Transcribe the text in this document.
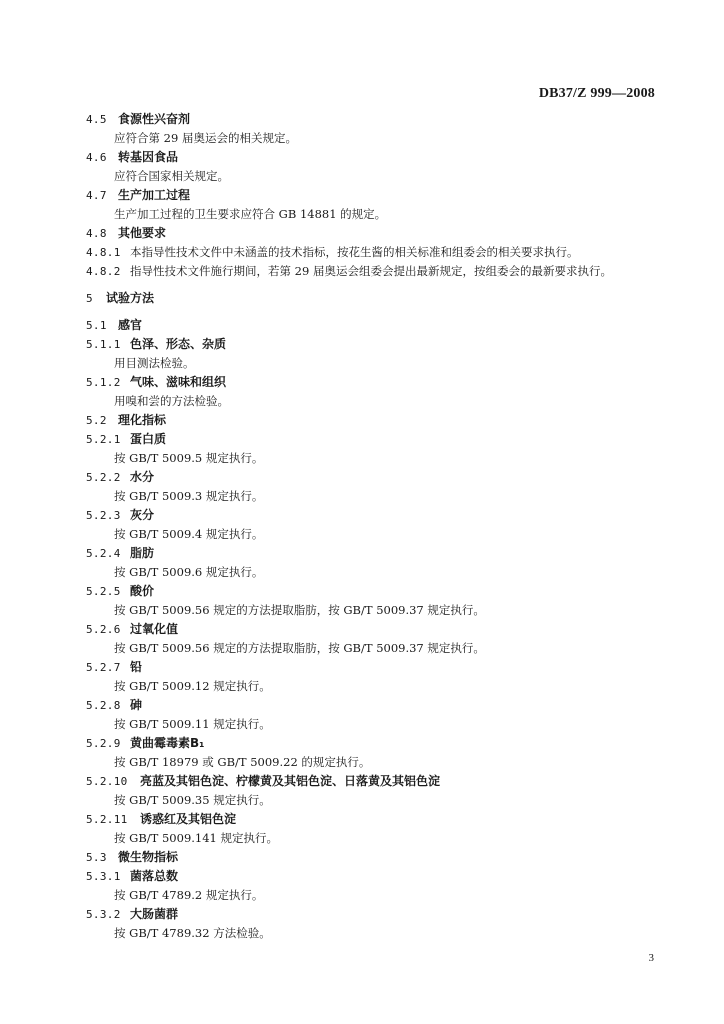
DB37/Z 999—2008
4.5 食源性兴奋剂
应符合第 29 届奥运会的相关规定。
4.6 转基因食品
应符合国家相关规定。
4.7 生产加工过程
生产加工过程的卫生要求应符合 GB 14881 的规定。
4.8 其他要求
4.8.1 本指导性技术文件中未涵盖的技术指标，按花生酱的相关标准和组委会的相关要求执行。
4.8.2 指导性技术文件施行期间，若第 29 届奥运会组委会提出最新规定，按组委会的最新要求执行。
5 试验方法
5.1 感官
5.1.1 色泽、形态、杂质
用目测法检验。
5.1.2 气味、滋味和组织
用嗅和尝的方法检验。
5.2 理化指标
5.2.1 蛋白质
按 GB/T 5009.5 规定执行。
5.2.2 水分
按 GB/T 5009.3 规定执行。
5.2.3 灰分
按 GB/T 5009.4 规定执行。
5.2.4 脂肪
按 GB/T 5009.6 规定执行。
5.2.5 酸价
按 GB/T 5009.56 规定的方法提取脂肪，按 GB/T 5009.37 规定执行。
5.2.6 过氧化值
按 GB/T 5009.56 规定的方法提取脂肪，按 GB/T 5009.37 规定执行。
5.2.7 铅
按 GB/T 5009.12 规定执行。
5.2.8 砷
按 GB/T 5009.11 规定执行。
5.2.9 黄曲霉毒素B₁
按 GB/T 18979 或 GB/T 5009.22 的规定执行。
5.2.10 亮蓝及其铝色淀、柠檬黄及其铝色淀、日落黄及其铝色淀
按 GB/T 5009.35 规定执行。
5.2.11 诱惑红及其铝色淀
按 GB/T 5009.141 规定执行。
5.3 微生物指标
5.3.1 菌落总数
按 GB/T 4789.2 规定执行。
5.3.2 大肠菌群
按 GB/T 4789.32 方法检验。
3
